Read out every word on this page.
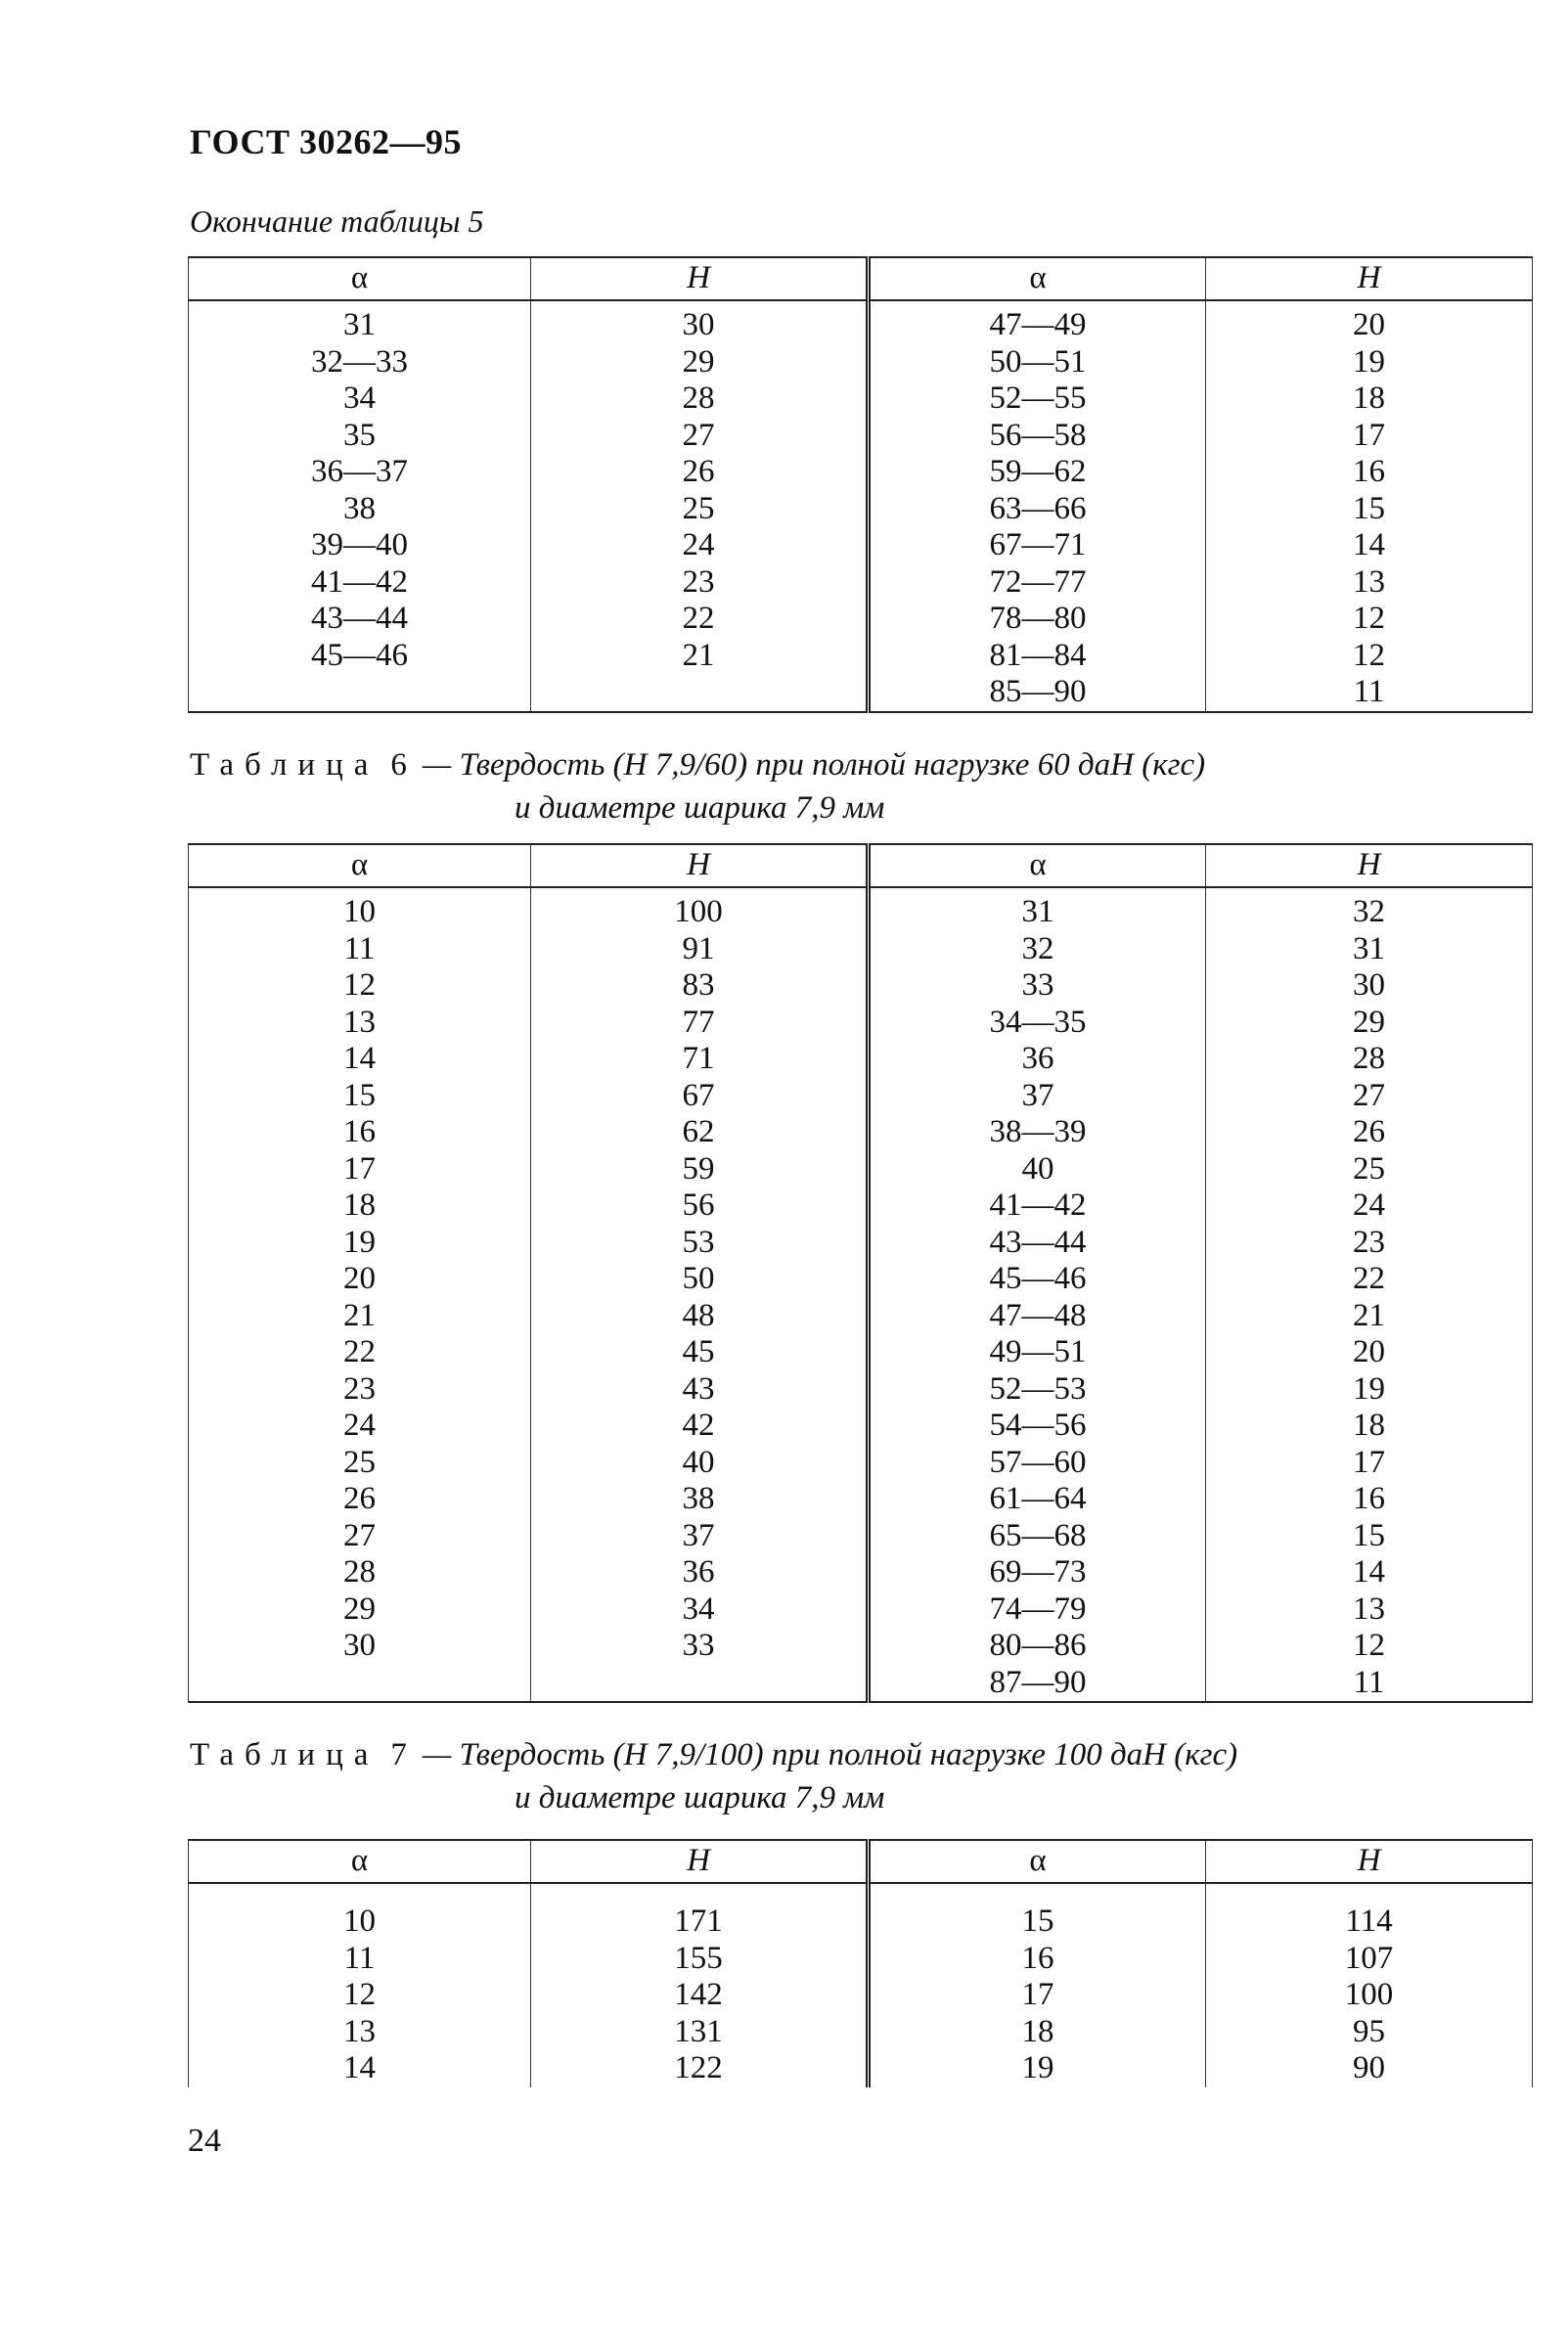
ГОСТ 30262—95
Окончание таблицы 5
α	H	α	H

31	30	47—49	20
32—33	29	50—51	19
34	28	52—55	18
35	27	56—58	17
36—37	26	59—62	16
38	25	63—66	15
39—40	24	67—71	14
41—42	23	72—77	13
43—44	22	78—80	12
45—46	21	81—84	12
		85—90	11
Таблица 6 — Твердость (H 7,9/60) при полной нагрузке 60 даН (кгс)
и диаметре шарика 7,9 мм
α	H	α	H

10	100	31	32
11	91	32	31
12	83	33	30
13	77	34—35	29
14	71	36	28
15	67	37	27
16	62	38—39	26
17	59	40	25
18	56	41—42	24
19	53	43—44	23
20	50	45—46	22
21	48	47—48	21
22	45	49—51	20
23	43	52—53	19
24	42	54—56	18
25	40	57—60	17
26	38	61—64	16
27	37	65—68	15
28	36	69—73	14
29	34	74—79	13
30	33	80—86	12
		87—90	11
Таблица 7 — Твердость (H 7,9/100) при полной нагрузке 100 даН (кгс)
и диаметре шарика 7,9 мм
α	H	α	H

10	171	15	114
11	155	16	107
12	142	17	100
13	131	18	95
14	122	19	90
24
